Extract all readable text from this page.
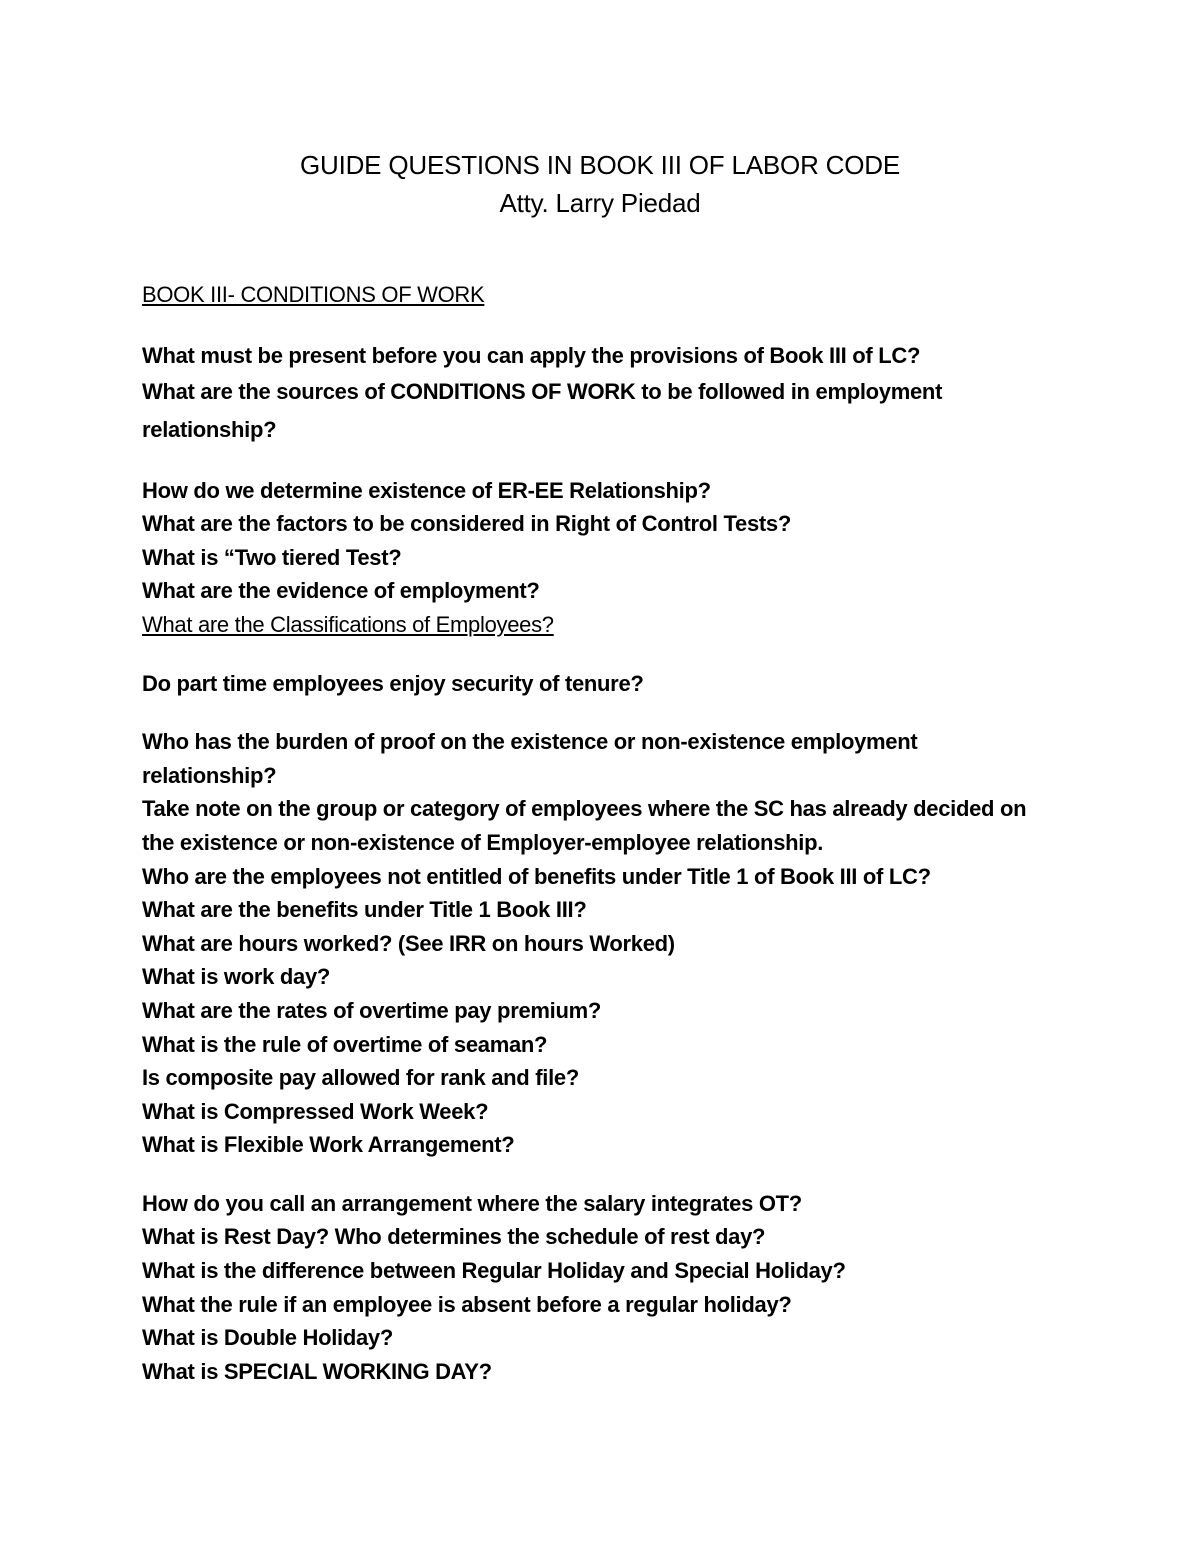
GUIDE QUESTIONS IN BOOK III OF LABOR CODE
Atty. Larry Piedad
BOOK III- CONDITIONS OF WORK
What must be present before you can apply the provisions of Book III of LC?
What are the sources of CONDITIONS OF WORK to be followed in employment relationship?
How do we determine existence of ER-EE Relationship?
What are the factors to be considered in Right of Control Tests?
What is “Two tiered Test?
What are the evidence of employment?
What are the Classifications of Employees?
Do part time employees enjoy security of tenure?
Who has the burden of proof on the existence or non-existence employment relationship?
Take note on the group or category of employees where the SC has already decided on the existence or non-existence of Employer-employee relationship.
Who are the employees not entitled of benefits under Title 1 of Book III of LC?
What are the benefits under Title 1 Book III?
What are hours worked? (See IRR on hours Worked)
What is work day?
What are the rates of overtime pay premium?
What is the rule of overtime of seaman?
Is composite pay allowed for rank and file?
What is Compressed Work Week?
What is Flexible Work Arrangement?
How do you call an arrangement where the salary integrates OT?
What is Rest Day? Who determines the schedule of rest day?
What is the difference between Regular Holiday and Special Holiday?
What the rule if an employee is absent before a regular holiday?
What is Double Holiday?
What is SPECIAL WORKING DAY?
